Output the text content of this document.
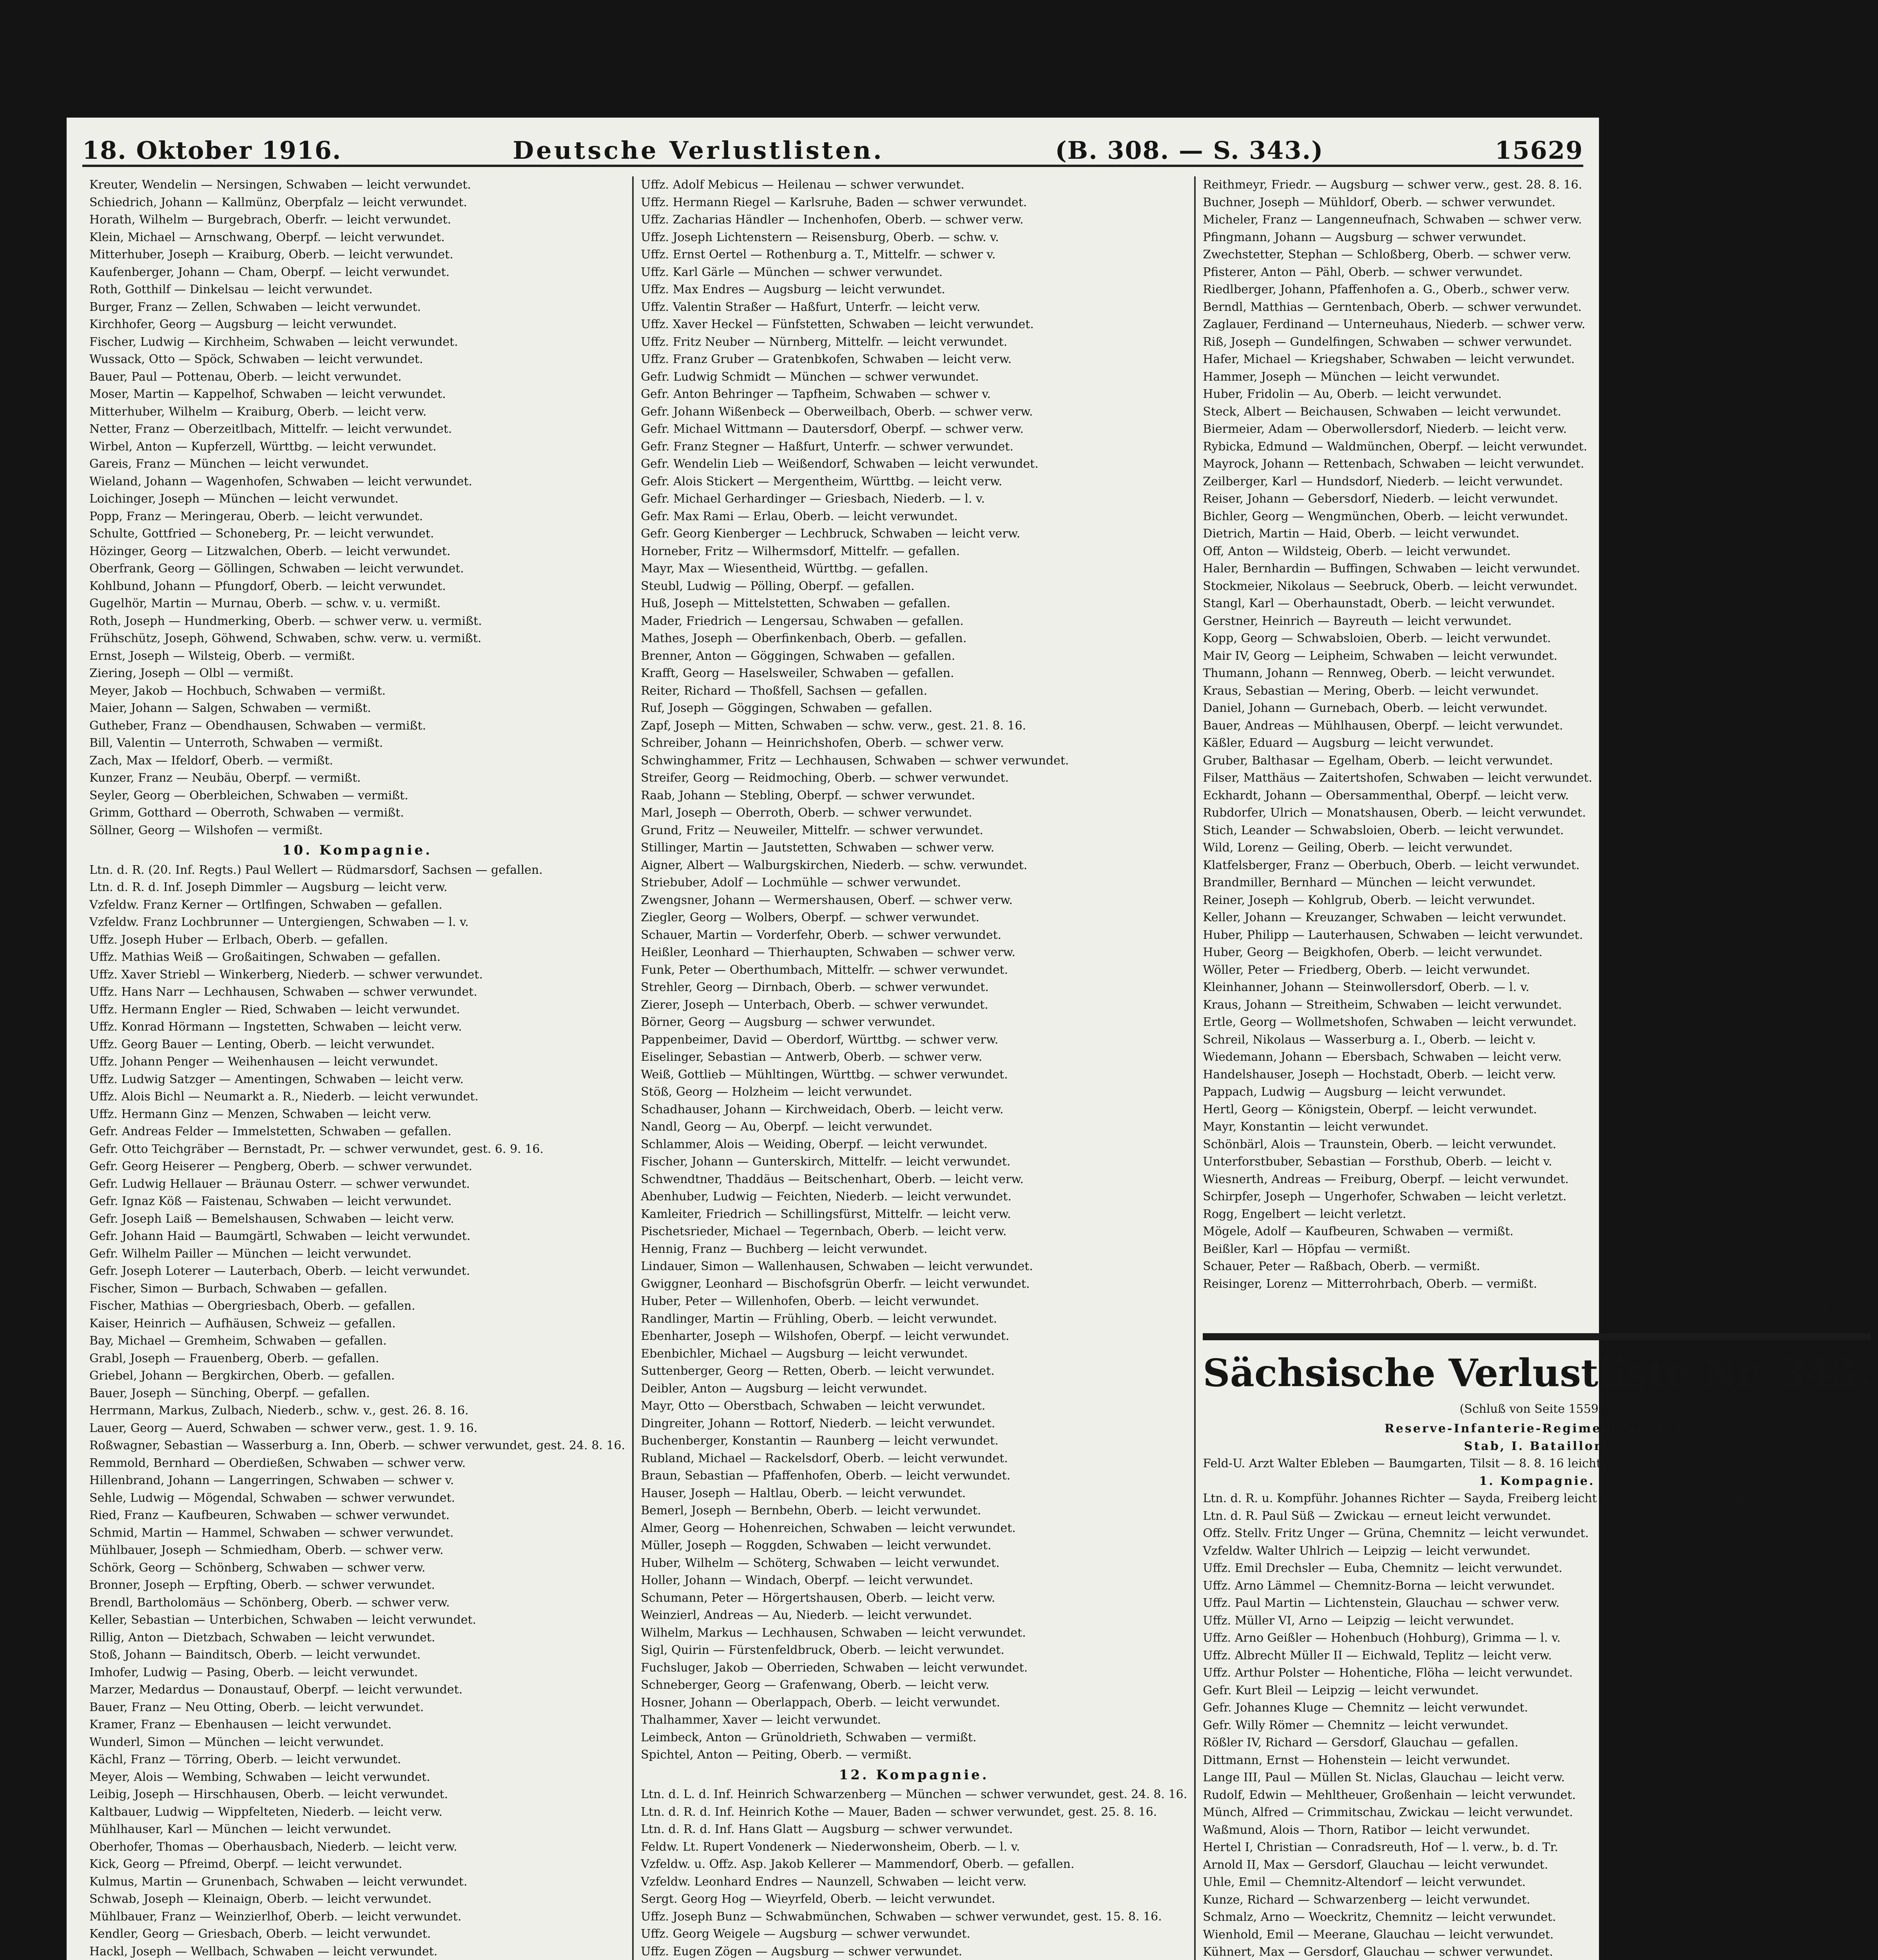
18. Oktober 1916.	Deutsche Verlustlisten.	(B. 308. — S. 343.)	15629
Kreuter, Wendelin — Nersingen, Schwaben — leicht verwundet.
Schiedrich, Johann — Kallmünz, Oberpfalz — leicht verwundet.
Horath, Wilhelm — Burgebrach, Oberfr. — leicht verwundet.
Klein, Michael — Arnschwang, Oberpf. — leicht verwundet.
Mitterhuber, Joseph — Kraiburg, Oberb. — leicht verwundet.
Kaufenberger, Johann — Cham, Oberpf. — leicht verwundet.
Roth, Gotthilf — Dinkelsau — leicht verwundet.
Burger, Franz — Zellen, Schwaben — leicht verwundet.
Kirchhofer, Georg — Augsburg — leicht verwundet.
Fischer, Ludwig — Kirchheim, Schwaben — leicht verwundet.
Wussack, Otto — Spöck, Schwaben — leicht verwundet.
Bauer, Paul — Pottenau, Oberb. — leicht verwundet.
Moser, Martin — Kappelhof, Schwaben — leicht verwundet.
Mitterhuber, Wilhelm — Kraiburg, Oberb. — leicht verw.
Netter, Franz — Oberzeitlbach, Mittelfr. — leicht verwundet.
Wirbel, Anton — Kupferzell, Württbg. — leicht verwundet.
Gareis, Franz — München — leicht verwundet.
Wieland, Johann — Wagenhofen, Schwaben — leicht verwundet.
Loichinger, Joseph — München — leicht verwundet.
Popp, Franz — Meringerau, Oberb. — leicht verwundet.
Schulte, Gottfried — Schoneberg, Pr. — leicht verwundet.
Hözinger, Georg — Litzwalchen, Oberb. — leicht verwundet.
Oberfrank, Georg — Göllingen, Schwaben — leicht verwundet.
Kohlbund, Johann — Pfungdorf, Oberb. — leicht verwundet.
Gugelhör, Martin — Murnau, Oberb. — schw. v. u. vermißt.
Roth, Joseph — Hundmerking, Oberb. — schwer verw. u. vermißt.
Frühschütz, Joseph, Göhwend, Schwaben, schw. verw. u. vermißt.
Ernst, Joseph — Wilsteig, Oberb. — vermißt.
Ziering, Joseph — Olbl — vermißt.
Meyer, Jakob — Hochbuch, Schwaben — vermißt.
Maier, Johann — Salgen, Schwaben — vermißt.
Gutheber, Franz — Obendhausen, Schwaben — vermißt.
Bill, Valentin — Unterroth, Schwaben — vermißt.
Zach, Max — Ifeldorf, Oberb. — vermißt.
Kunzer, Franz — Neubäu, Oberpf. — vermißt.
Seyler, Georg — Oberbleichen, Schwaben — vermißt.
Grimm, Gotthard — Oberroth, Schwaben — vermißt.
Söllner, Georg — Wilshofen — vermißt.
10. Kompagnie.
Ltn. d. R. (20. Inf. Regts.) Paul Wellert — Rüdmarsdorf, Sachsen — gefallen.
Ltn. d. R. d. Inf. Joseph Dimmler — Augsburg — leicht verw.
Vzfeldw. Franz Kerner — Ortlfingen, Schwaben — gefallen.
Vzfeldw. Franz Lochbrunner — Untergiengen, Schwaben — l. v.
Uffz. Joseph Huber — Erlbach, Oberb. — gefallen.
Uffz. Mathias Weiß — Großaitingen, Schwaben — gefallen.
Uffz. Xaver Striebl — Winkerberg, Niederb. — schwer verwundet.
Uffz. Hans Narr — Lechhausen, Schwaben — schwer verwundet.
Uffz. Hermann Engler — Ried, Schwaben — leicht verwundet.
Uffz. Konrad Hörmann — Ingstetten, Schwaben — leicht verw.
Uffz. Georg Bauer — Lenting, Oberb. — leicht verwundet.
Uffz. Johann Penger — Weihenhausen — leicht verwundet.
Uffz. Ludwig Satzger — Amentingen, Schwaben — leicht verw.
Uffz. Alois Bichl — Neumarkt a. R., Niederb. — leicht verwundet.
Uffz. Hermann Ginz — Menzen, Schwaben — leicht verw.
Gefr. Andreas Felder — Immelstetten, Schwaben — gefallen.
Gefr. Otto Teichgräber — Bernstadt, Pr. — schwer verwundet, gest. 6. 9. 16.
Gefr. Georg Heiserer — Pengberg, Oberb. — schwer verwundet.
Gefr. Ludwig Hellauer — Bräunau Osterr. — schwer verwundet.
Gefr. Ignaz Köß — Faistenau, Schwaben — leicht verwundet.
Gefr. Joseph Laiß — Bemelshausen, Schwaben — leicht verw.
Gefr. Johann Haid — Baumgärtl, Schwaben — leicht verwundet.
Gefr. Wilhelm Pailler — München — leicht verwundet.
Gefr. Joseph Loterer — Lauterbach, Oberb. — leicht verwundet.
Fischer, Simon — Burbach, Schwaben — gefallen.
Fischer, Mathias — Obergriesbach, Oberb. — gefallen.
Kaiser, Heinrich — Aufhäusen, Schweiz — gefallen.
Bay, Michael — Gremheim, Schwaben — gefallen.
Grabl, Joseph — Frauenberg, Oberb. — gefallen.
Griebel, Johann — Bergkirchen, Oberb. — gefallen.
Bauer, Joseph — Sünching, Oberpf. — gefallen.
Herrmann, Markus, Zulbach, Niederb., schw. v., gest. 26. 8. 16.
Lauer, Georg — Auerd, Schwaben — schwer verw., gest. 1. 9. 16.
Roßwagner, Sebastian — Wasserburg a. Inn, Oberb. — schwer verwundet, gest. 24. 8. 16.
Remmold, Bernhard — Oberdießen, Schwaben — schwer verw.
Hillenbrand, Johann — Langerringen, Schwaben — schwer v.
Sehle, Ludwig — Mögendal, Schwaben — schwer verwundet.
Ried, Franz — Kaufbeuren, Schwaben — schwer verwundet.
Schmid, Martin — Hammel, Schwaben — schwer verwundet.
Mühlbauer, Joseph — Schmiedham, Oberb. — schwer verw.
Schörk, Georg — Schönberg, Schwaben — schwer verw.
Bronner, Joseph — Erpfting, Oberb. — schwer verwundet.
Brendl, Bartholomäus — Schönberg, Oberb. — schwer verw.
Keller, Sebastian — Unterbichen, Schwaben — leicht verwundet.
Rillig, Anton — Dietzbach, Schwaben — leicht verwundet.
Stoß, Johann — Bainditsch, Oberb. — leicht verwundet.
Imhofer, Ludwig — Pasing, Oberb. — leicht verwundet.
Marzer, Medardus — Donaustauf, Oberpf. — leicht verwundet.
Bauer, Franz — Neu Otting, Oberb. — leicht verwundet.
Kramer, Franz — Ebenhausen — leicht verwundet.
Wunderl, Simon — München — leicht verwundet.
Kächl, Franz — Törring, Oberb. — leicht verwundet.
Meyer, Alois — Wembing, Schwaben — leicht verwundet.
Leibig, Joseph — Hirschhausen, Oberb. — leicht verwundet.
Kaltbauer, Ludwig — Wippfelteten, Niederb. — leicht verw.
Mühlhauser, Karl — München — leicht verwundet.
Oberhofer, Thomas — Oberhausbach, Niederb. — leicht verw.
Kick, Georg — Pfreimd, Oberpf. — leicht verwundet.
Kulmus, Martin — Grunenbach, Schwaben — leicht verwundet.
Schwab, Joseph — Kleinaign, Oberb. — leicht verwundet.
Mühlbauer, Franz — Weinzierlhof, Oberb. — leicht verwundet.
Kendler, Georg — Griesbach, Oberb. — leicht verwundet.
Hackl, Joseph — Wellbach, Schwaben — leicht verwundet.
Uffz. Adolf Mebicus — Heilenau — schwer verwundet.
Uffz. Hermann Riegel — Karlsruhe, Baden — schwer verwundet.
Uffz. Zacharias Händler — Inchenhofen, Oberb. — schwer verw.
Uffz. Joseph Lichtenstern — Reisensburg, Oberb. — schw. v.
Uffz. Ernst Oertel — Rothenburg a. T., Mittelfr. — schwer v.
Uffz. Karl Gärle — München — schwer verwundet.
Uffz. Max Endres — Augsburg — leicht verwundet.
Uffz. Valentin Straßer — Haßfurt, Unterfr. — leicht verw.
Uffz. Xaver Heckel — Fünfstetten, Schwaben — leicht verwundet.
Uffz. Fritz Neuber — Nürnberg, Mittelfr. — leicht verwundet.
Uffz. Franz Gruber — Gratenbkofen, Schwaben — leicht verw.
Gefr. Ludwig Schmidt — München — schwer verwundet.
Gefr. Anton Behringer — Tapfheim, Schwaben — schwer v.
Gefr. Johann Wißenbeck — Oberweilbach, Oberb. — schwer verw.
Gefr. Michael Wittmann — Dautersdorf, Oberpf. — schwer verw.
Gefr. Franz Stegner — Haßfurt, Unterfr. — schwer verwundet.
Gefr. Wendelin Lieb — Weißendorf, Schwaben — leicht verwundet.
Gefr. Alois Stickert — Mergentheim, Württbg. — leicht verw.
Gefr. Michael Gerhardinger — Griesbach, Niederb. — l. v.
Gefr. Max Rami — Erlau, Oberb. — leicht verwundet.
Gefr. Georg Kienberger — Lechbruck, Schwaben — leicht verw.
Horneber, Fritz — Wilhermsdorf, Mittelfr. — gefallen.
Mayr, Max — Wiesentheid, Württbg. — gefallen.
Steubl, Ludwig — Pölling, Oberpf. — gefallen.
Huß, Joseph — Mittelstetten, Schwaben — gefallen.
Mader, Friedrich — Lengersau, Schwaben — gefallen.
Mathes, Joseph — Oberfinkenbach, Oberb. — gefallen.
Brenner, Anton — Göggingen, Schwaben — gefallen.
Krafft, Georg — Haselsweiler, Schwaben — gefallen.
Reiter, Richard — Thoßfell, Sachsen — gefallen.
Ruf, Joseph — Göggingen, Schwaben — gefallen.
Zapf, Joseph — Mitten, Schwaben — schw. verw., gest. 21. 8. 16.
Schreiber, Johann — Heinrichshofen, Oberb. — schwer verw.
Schwinghammer, Fritz — Lechhausen, Schwaben — schwer verwundet.
Streifer, Georg — Reidmoching, Oberb. — schwer verwundet.
Raab, Johann — Stebling, Oberpf. — schwer verwundet.
Marl, Joseph — Oberroth, Oberb. — schwer verwundet.
Grund, Fritz — Neuweiler, Mittelfr. — schwer verwundet.
Stillinger, Martin — Jautstetten, Schwaben — schwer verw.
Aigner, Albert — Walburgskirchen, Niederb. — schw. verwundet.
Striebuber, Adolf — Lochmühle — schwer verwundet.
Zwengsner, Johann — Wermershausen, Oberf. — schwer verw.
Ziegler, Georg — Wolbers, Oberpf. — schwer verwundet.
Schauer, Martin — Vorderfehr, Oberb. — schwer verwundet.
Heißler, Leonhard — Thierhaupten, Schwaben — schwer verw.
Funk, Peter — Oberthumbach, Mittelfr. — schwer verwundet.
Strehler, Georg — Dirnbach, Oberb. — schwer verwundet.
Zierer, Joseph — Unterbach, Oberb. — schwer verwundet.
Börner, Georg — Augsburg — schwer verwundet.
Pappenbeimer, David — Oberdorf, Württbg. — schwer verw.
Eiselinger, Sebastian — Antwerb, Oberb. — schwer verw.
Weiß, Gottlieb — Mühltingen, Württbg. — schwer verwundet.
Stöß, Georg — Holzheim — leicht verwundet.
Schadhauser, Johann — Kirchweidach, Oberb. — leicht verw.
Nandl, Georg — Au, Oberpf. — leicht verwundet.
Schlammer, Alois — Weiding, Oberpf. — leicht verwundet.
Fischer, Johann — Gunterskirch, Mittelfr. — leicht verwundet.
Schwendtner, Thaddäus — Beitschenhart, Oberb. — leicht verw.
Abenhuber, Ludwig — Feichten, Niederb. — leicht verwundet.
Kamleiter, Friedrich — Schillingsfürst, Mittelfr. — leicht verw.
Pischetsrieder, Michael — Tegernbach, Oberb. — leicht verw.
Hennig, Franz — Buchberg — leicht verwundet.
Lindauer, Simon — Wallenhausen, Schwaben — leicht verwundet.
Gwiggner, Leonhard — Bischofsgrün Oberfr. — leicht verwundet.
Huber, Peter — Willenhofen, Oberb. — leicht verwundet.
Randlinger, Martin — Frühling, Oberb. — leicht verwundet.
Ebenharter, Joseph — Wilshofen, Oberpf. — leicht verwundet.
Ebenbichler, Michael — Augsburg — leicht verwundet.
Suttenberger, Georg — Retten, Oberb. — leicht verwundet.
Deibler, Anton — Augsburg — leicht verwundet.
Mayr, Otto — Oberstbach, Schwaben — leicht verwundet.
Dingreiter, Johann — Rottorf, Niederb. — leicht verwundet.
Buchenberger, Konstantin — Raunberg — leicht verwundet.
Rubland, Michael — Rackelsdorf, Oberb. — leicht verwundet.
Braun, Sebastian — Pfaffenhofen, Oberb. — leicht verwundet.
Hauser, Joseph — Haltlau, Oberb. — leicht verwundet.
Bemerl, Joseph — Bernbehn, Oberb. — leicht verwundet.
Almer, Georg — Hohenreichen, Schwaben — leicht verwundet.
Müller, Joseph — Roggden, Schwaben — leicht verwundet.
Huber, Wilhelm — Schöterg, Schwaben — leicht verwundet.
Holler, Johann — Windach, Oberpf. — leicht verwundet.
Schumann, Peter — Hörgertshausen, Oberb. — leicht verw.
Weinzierl, Andreas — Au, Niederb. — leicht verwundet.
Wilhelm, Markus — Lechhausen, Schwaben — leicht verwundet.
Sigl, Quirin — Fürstenfeldbruck, Oberb. — leicht verwundet.
Fuchsluger, Jakob — Oberrieden, Schwaben — leicht verwundet.
Schneberger, Georg — Grafenwang, Oberb. — leicht verw.
Hosner, Johann — Oberlappach, Oberb. — leicht verwundet.
Thalhammer, Xaver — leicht verwundet.
Leimbeck, Anton — Grünoldrieth, Schwaben — vermißt.
Spichtel, Anton — Peiting, Oberb. — vermißt.
12. Kompagnie.
Ltn. d. L. d. Inf. Heinrich Schwarzenberg — München — schwer verwundet, gest. 24. 8. 16.
Ltn. d. R. d. Inf. Heinrich Kothe — Mauer, Baden — schwer verwundet, gest. 25. 8. 16.
Ltn. d. R. d. Inf. Hans Glatt — Augsburg — schwer verwundet.
Feldw. Lt. Rupert Vondenerk — Niederwonsheim, Oberb. — l. v.
Vzfeldw. u. Offz. Asp. Jakob Kellerer — Mammendorf, Oberb. — gefallen.
Vzfeldw. Leonhard Endres — Naunzell, Schwaben — leicht verw.
Sergt. Georg Hog — Wieyrfeld, Oberb. — leicht verwundet.
Uffz. Joseph Bunz — Schwabmünchen, Schwaben — schwer verwundet, gest. 15. 8. 16.
Uffz. Georg Weigele — Augsburg — schwer verwundet.
Uffz. Eugen Zögen — Augsburg — schwer verwundet.
Reithmeyr, Friedr. — Augsburg — schwer verw., gest. 28. 8. 16.
Buchner, Joseph — Mühldorf, Oberb. — schwer verwundet.
Micheler, Franz — Langenneufnach, Schwaben — schwer verw.
Pfingmann, Johann — Augsburg — schwer verwundet.
Zwechstetter, Stephan — Schloßberg, Oberb. — schwer verw.
Pfisterer, Anton — Pähl, Oberb. — schwer verwundet.
Riedlberger, Johann, Pfaffenhofen a. G., Oberb., schwer verw.
Berndl, Matthias — Gerntenbach, Oberb. — schwer verwundet.
Zaglauer, Ferdinand — Unterneuhaus, Niederb. — schwer verw.
Riß, Joseph — Gundelfingen, Schwaben — schwer verwundet.
Hafer, Michael — Kriegshaber, Schwaben — leicht verwundet.
Hammer, Joseph — München — leicht verwundet.
Huber, Fridolin — Au, Oberb. — leicht verwundet.
Steck, Albert — Beichausen, Schwaben — leicht verwundet.
Biermeier, Adam — Oberwollersdorf, Niederb. — leicht verw.
Rybicka, Edmund — Waldmünchen, Oberpf. — leicht verwundet.
Mayrock, Johann — Rettenbach, Schwaben — leicht verwundet.
Zeilberger, Karl — Hundsdorf, Niederb. — leicht verwundet.
Reiser, Johann — Gebersdorf, Niederb. — leicht verwundet.
Bichler, Georg — Wengmünchen, Oberb. — leicht verwundet.
Dietrich, Martin — Haid, Oberb. — leicht verwundet.
Off, Anton — Wildsteig, Oberb. — leicht verwundet.
Haler, Bernhardin — Buffingen, Schwaben — leicht verwundet.
Stockmeier, Nikolaus — Seebruck, Oberb. — leicht verwundet.
Stangl, Karl — Oberhaunstadt, Oberb. — leicht verwundet.
Gerstner, Heinrich — Bayreuth — leicht verwundet.
Kopp, Georg — Schwabsloien, Oberb. — leicht verwundet.
Mair IV, Georg — Leipheim, Schwaben — leicht verwundet.
Thumann, Johann — Rennweg, Oberb. — leicht verwundet.
Kraus, Sebastian — Mering, Oberb. — leicht verwundet.
Daniel, Johann — Gurnebach, Oberb. — leicht verwundet.
Bauer, Andreas — Mühlhausen, Oberpf. — leicht verwundet.
Käßler, Eduard — Augsburg — leicht verwundet.
Gruber, Balthasar — Egelham, Oberb. — leicht verwundet.
Filser, Matthäus — Zaitertshofen, Schwaben — leicht verwundet.
Eckhardt, Johann — Obersammenthal, Oberpf. — leicht verw.
Rubdorfer, Ulrich — Monatshausen, Oberb. — leicht verwundet.
Stich, Leander — Schwabsloien, Oberb. — leicht verwundet.
Wild, Lorenz — Geiling, Oberb. — leicht verwundet.
Klatfelsberger, Franz — Oberbuch, Oberb. — leicht verwundet.
Brandmiller, Bernhard — München — leicht verwundet.
Reiner, Joseph — Kohlgrub, Oberb. — leicht verwundet.
Keller, Johann — Kreuzanger, Schwaben — leicht verwundet.
Huber, Philipp — Lauterhausen, Schwaben — leicht verwundet.
Huber, Georg — Beigkhofen, Oberb. — leicht verwundet.
Wöller, Peter — Friedberg, Oberb. — leicht verwundet.
Kleinhanner, Johann — Steinwollersdorf, Oberb. — l. v.
Kraus, Johann — Streitheim, Schwaben — leicht verwundet.
Ertle, Georg — Wollmetshofen, Schwaben — leicht verwundet.
Schreil, Nikolaus — Wasserburg a. I., Oberb. — leicht v.
Wiedemann, Johann — Ebersbach, Schwaben — leicht verw.
Handelshauser, Joseph — Hochstadt, Oberb. — leicht verw.
Pappach, Ludwig — Augsburg — leicht verwundet.
Hertl, Georg — Königstein, Oberpf. — leicht verwundet.
Mayr, Konstantin — leicht verwundet.
Schönbärl, Alois — Traunstein, Oberb. — leicht verwundet.
Unterforstbuber, Sebastian — Forsthub, Oberb. — leicht v.
Wiesnerth, Andreas — Freiburg, Oberpf. — leicht verwundet.
Schirpfer, Joseph — Ungerhofer, Schwaben — leicht verletzt.
Rogg, Engelbert — leicht verletzt.
Mögele, Adolf — Kaufbeuren, Schwaben — vermißt.
Beißler, Karl — Höpfau — vermißt.
Schauer, Peter — Raßbach, Oberb. — vermißt.
Reisinger, Lorenz — Mitterrohrbach, Oberb. — vermißt.
(Fortsetzung folgt.)
Sächsische Verlustliste Nr. 343.
(Schluß von Seite 15597.)
Reserve-Infanterie-Regiment Nr. 244.
Stab, I. Bataillon.
Feld-U. Arzt Walter Ebleben — Baumgarten, Tilsit — 8. 8. 16 leicht verw., b. d. Truppe, seit 12. 9. 16 vermißt.
1. Kompagnie.
Ltn. d. R. u. Kompführ. Johannes Richter — Sayda, Freiberg leicht verwundet, bei der Truppe.
Ltn. d. R. Paul Süß — Zwickau — erneut leicht verwundet.
Offz. Stellv. Fritz Unger — Grüna, Chemnitz — leicht verwundet.
Vzfeldw. Walter Uhlrich — Leipzig — leicht verwundet.
Uffz. Emil Drechsler — Euba, Chemnitz — leicht verwundet.
Uffz. Arno Lämmel — Chemnitz-Borna — leicht verwundet.
Uffz. Paul Martin — Lichtenstein, Glauchau — schwer verw.
Uffz. Müller VI, Arno — Leipzig — leicht verwundet.
Uffz. Arno Geißler — Hohenbuch (Hohburg), Grimma — l. v.
Uffz. Albrecht Müller II — Eichwald, Teplitz — leicht verw.
Uffz. Arthur Polster — Hohentiche, Flöha — leicht verwundet.
Gefr. Kurt Bleil — Leipzig — leicht verwundet.
Gefr. Johannes Kluge — Chemnitz — leicht verwundet.
Gefr. Willy Römer — Chemnitz — leicht verwundet.
Rößler IV, Richard — Gersdorf, Glauchau — gefallen.
Dittmann, Ernst — Hohenstein — leicht verwundet.
Lange III, Paul — Müllen St. Niclas, Glauchau — leicht verw.
Rudolf, Edwin — Mehltheuer, Großenhain — leicht verwundet.
Münch, Alfred — Crimmitschau, Zwickau — leicht verwundet.
Waßmund, Alois — Thorn, Ratibor — leicht verwundet.
Hertel I, Christian — Conradsreuth, Hof — l. verw., b. d. Tr.
Arnold II, Max — Gersdorf, Glauchau — leicht verwundet.
Uhle, Emil — Chemnitz-Altendorf — leicht verwundet.
Kunze, Richard — Schwarzenberg — leicht verwundet.
Schmalz, Arno — Woeckritz, Chemnitz — leicht verwundet.
Wienhold, Emil — Meerane, Glauchau — leicht verwundet.
Kühnert, Max — Gersdorf, Glauchau — schwer verwundet.
